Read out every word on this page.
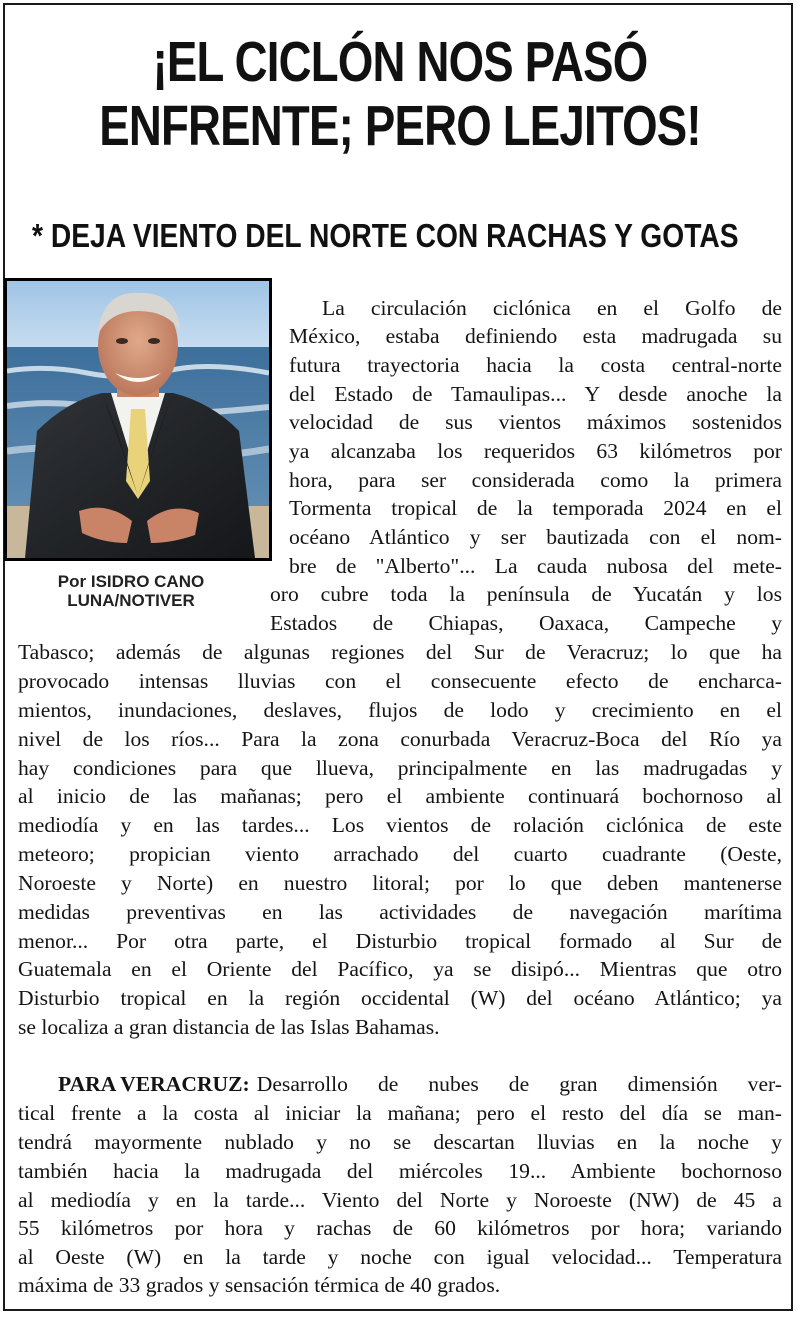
¡EL CICLÓN NOS PASÓ
ENFRENTE; PERO LEJITOS!
* DEJA VIENTO DEL NORTE CON RACHAS Y GOTAS
Por ISIDRO CANO
LUNA/NOTIVER
La circulación ciclónica en el Golfo de
México, estaba definiendo esta madrugada su
futura trayectoria hacia la costa central-norte
del Estado de Tamaulipas... Y desde anoche la
velocidad de sus vientos máximos sostenidos
ya alcanzaba los requeridos 63 kilómetros por
hora, para ser considerada como la primera
Tormenta tropical de la temporada 2024 en el
océano Atlántico y ser bautizada con el nom-
bre de "Alberto"... La cauda nubosa del mete-
oro cubre toda la península de Yucatán y los
Estados de Chiapas, Oaxaca, Campeche y
Tabasco; además de algunas regiones del Sur de Veracruz; lo que ha
provocado intensas lluvias con el consecuente efecto de encharca-
mientos, inundaciones, deslaves, flujos de lodo y crecimiento en el
nivel de los ríos... Para la zona conurbada Veracruz-Boca del Río ya
hay condiciones para que llueva, principalmente en las madrugadas y
al inicio de las mañanas; pero el ambiente continuará bochornoso al
mediodía y en las tardes... Los vientos de rolación ciclónica de este
meteoro; propician viento arrachado del cuarto cuadrante (Oeste,
Noroeste y Norte) en nuestro litoral; por lo que deben mantenerse
medidas preventivas en las actividades de navegación marítima
menor... Por otra parte, el Disturbio tropical formado al Sur de
Guatemala en el Oriente del Pacífico, ya se disipó... Mientras que otro
Disturbio tropical en la región occidental (W) del océano Atlántico; ya
se localiza a gran distancia de las Islas Bahamas.
PARA VERACRUZ: Desarrollo de nubes de gran dimensión ver-
tical frente a la costa al iniciar la mañana; pero el resto del día se man-
tendrá mayormente nublado y no se descartan lluvias en la noche y
también hacia la madrugada del miércoles 19... Ambiente bochornoso
al mediodía y en la tarde... Viento del Norte y Noroeste (NW) de 45 a
55 kilómetros por hora y rachas de 60 kilómetros por hora; variando
al Oeste (W) en la tarde y noche con igual velocidad... Temperatura
máxima de 33 grados y sensación térmica de 40 grados.
